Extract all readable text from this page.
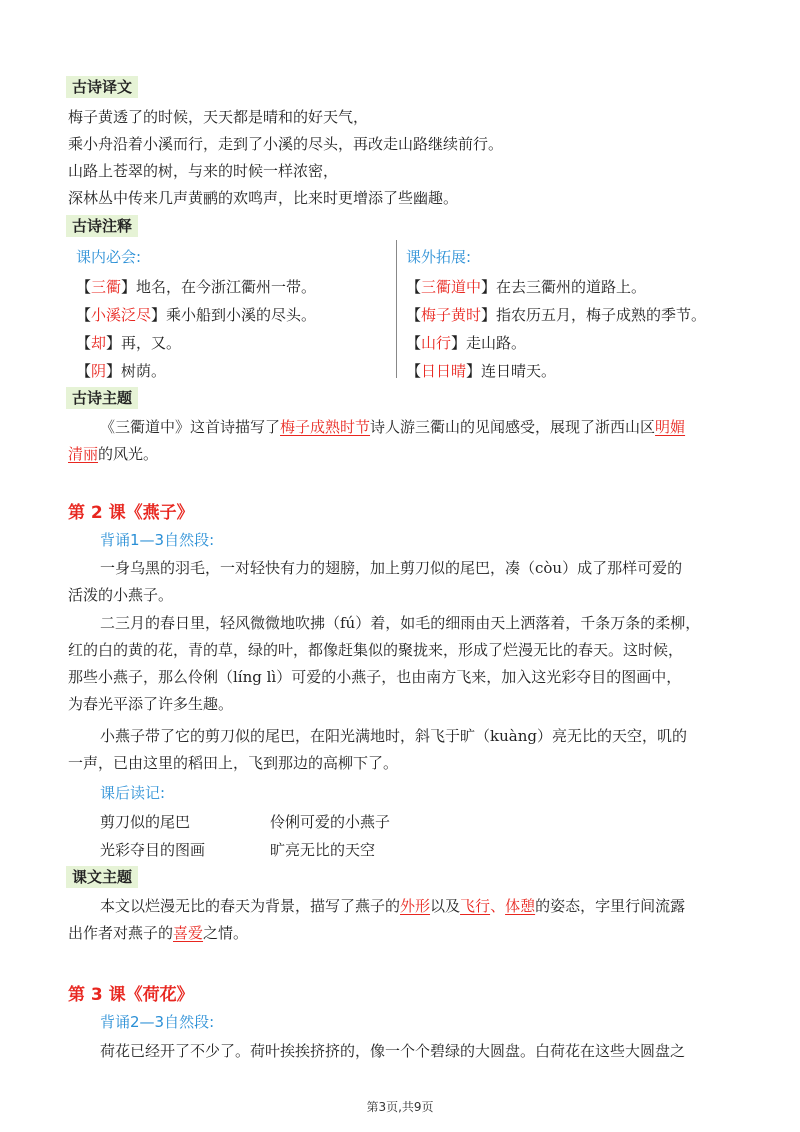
古诗译文
梅子黄透了的时候，天天都是晴和的好天气，
乘小舟沿着小溪而行，走到了小溪的尽头，再改走山路继续前行。
山路上苍翠的树，与来的时候一样浓密，
深林丛中传来几声黄鹂的欢鸣声，比来时更增添了些幽趣。
古诗注释
课内必会:
【三衢】地名，在今浙江衢州一带。
【小溪泛尽】乘小船到小溪的尽头。
【却】再，又。
【阴】树荫。
课外拓展:
【三衢道中】在去三衢州的道路上。
【梅子黄时】指农历五月，梅子成熟的季节。
【山行】走山路。
【日日晴】连日晴天。
古诗主题
《三衢道中》这首诗描写了梅子成熟时节诗人游三衢山的见闻感受，展现了浙西山区明媚
清丽的风光。
第 2 课《燕子》
背诵1—3自然段:
一身乌黑的羽毛，一对轻快有力的翅膀，加上剪刀似的尾巴，凑（còu）成了那样可爱的
活泼的小燕子。
二三月的春日里，轻风微微地吹拂（fú）着，如毛的细雨由天上洒落着，千条万条的柔柳，
红的白的黄的花，青的草，绿的叶，都像赶集似的聚拢来，形成了烂漫无比的春天。这时候，
那些小燕子，那么伶俐（líng lì）可爱的小燕子，也由南方飞来，加入这光彩夺目的图画中，
为春光平添了许多生趣。
小燕子带了它的剪刀似的尾巴，在阳光满地时，斜飞于旷（kuàng）亮无比的天空，叽的
一声，已由这里的稻田上，飞到那边的高柳下了。
课后读记:
剪刀似的尾巴	伶俐可爱的小燕子
光彩夺目的图画	旷亮无比的天空
课文主题
本文以烂漫无比的春天为背景，描写了燕子的外形以及飞行、体憩的姿态，字里行间流露
出作者对燕子的喜爱之情。
第 3 课《荷花》
背诵2—3自然段:
荷花已经开了不少了。荷叶挨挨挤挤的，像一个个碧绿的大圆盘。白荷花在这些大圆盘之
第3页,共9页
